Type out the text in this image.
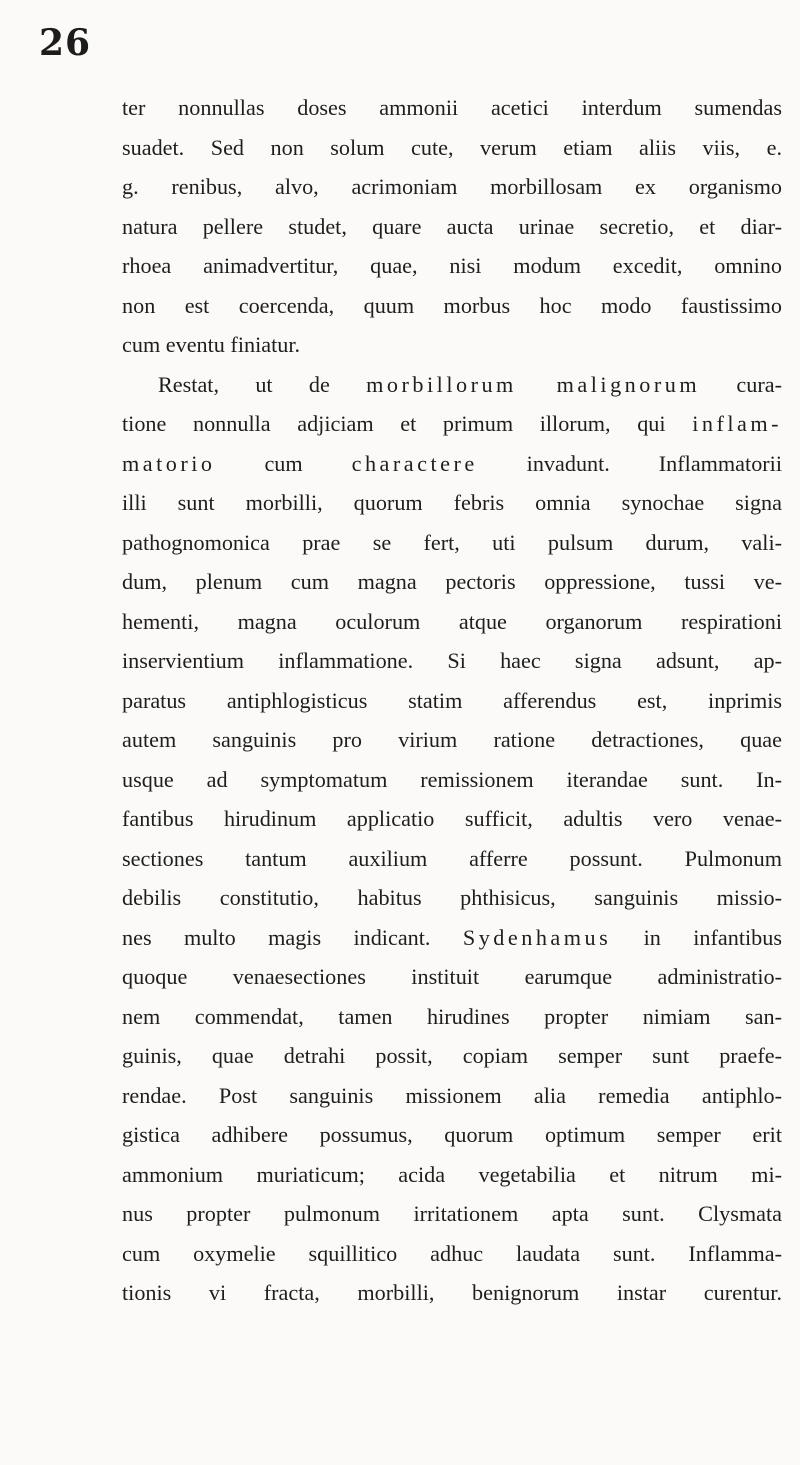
26
ter nonnullas doses ammonii acetici interdum sumendas
suadet. Sed non solum cute, verum etiam aliis viis, e.
g. renibus, alvo, acrimoniam morbillosam ex organismo
natura pellere studet, quare aucta urinae secretio, et diar-
rhoea animadvertitur, quae, nisi modum excedit, omnino
non est coercenda, quum morbus hoc modo faustissimo
cum eventu finiatur.
Restat, ut de morbillorum malignorum cura-
tione nonnulla adjiciam et primum illorum, qui inflam-
matorio cum charactere invadunt. Inflammatorii
illi sunt morbilli, quorum febris omnia synochae signa
pathognomonica prae se fert, uti pulsum durum, vali-
dum, plenum cum magna pectoris oppressione, tussi ve-
hementi, magna oculorum atque organorum respirationi
inservientium inflammatione. Si haec signa adsunt, ap-
paratus antiphlogisticus statim afferendus est, inprimis
autem sanguinis pro virium ratione detractiones, quae
usque ad symptomatum remissionem iterandae sunt. In-
fantibus hirudinum applicatio sufficit, adultis vero venae-
sectiones tantum auxilium afferre possunt. Pulmonum
debilis constitutio, habitus phthisicus, sanguinis missio-
nes multo magis indicant. Sydenhamus in infantibus
quoque venaesectiones instituit earumque administratio-
nem commendat, tamen hirudines propter nimiam san-
guinis, quae detrahi possit, copiam semper sunt praefe-
rendae. Post sanguinis missionem alia remedia antiphlo-
gistica adhibere possumus, quorum optimum semper erit
ammonium muriaticum; acida vegetabilia et nitrum mi-
nus propter pulmonum irritationem apta sunt. Clysmata
cum oxymelie squillitico adhuc laudata sunt. Inflamma-
tionis vi fracta, morbilli, benignorum instar curentur.
